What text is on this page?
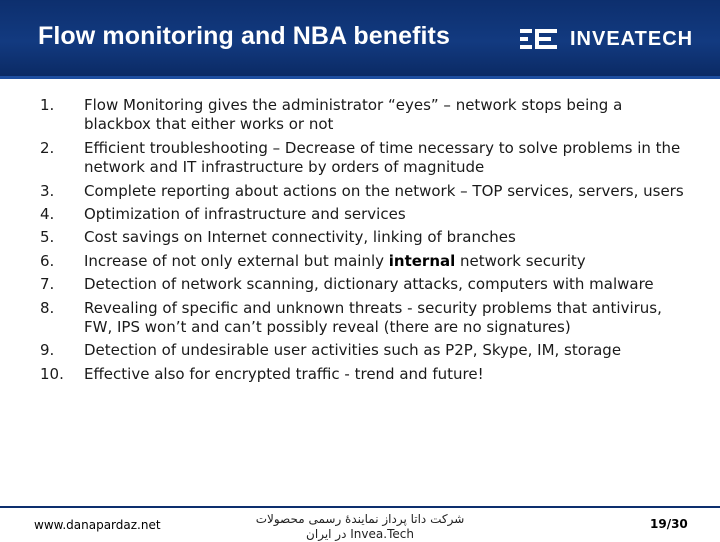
Flow monitoring and NBA benefits	INVEATECH
1.	Flow Monitoring gives the administrator “eyes” – network stops being a blackbox that either works or not
2.	Efficient troubleshooting – Decrease of time necessary to solve problems in the network and IT infrastructure by orders of magnitude
3.	Complete reporting about actions on the network – TOP services, servers, users
4.	Optimization of infrastructure and services
5.	Cost savings on Internet connectivity, linking of branches
6.	Increase of not only external but mainly internal network security
7.	Detection of network scanning, dictionary attacks, computers with malware
8.	Revealing of specific and unknown threats - security problems that antivirus, FW, IPS won’t and can’t possibly reveal (there are no signatures)
9.	Detection of undesirable user activities such as P2P, Skype, IM, storage
10.	Effective also for encrypted traffic - trend and future!
www.danapardaz.net	شرکت داتا پرداز نمایندهٔ رسمی محصولات
Invea.Tech در ایران
19/30
